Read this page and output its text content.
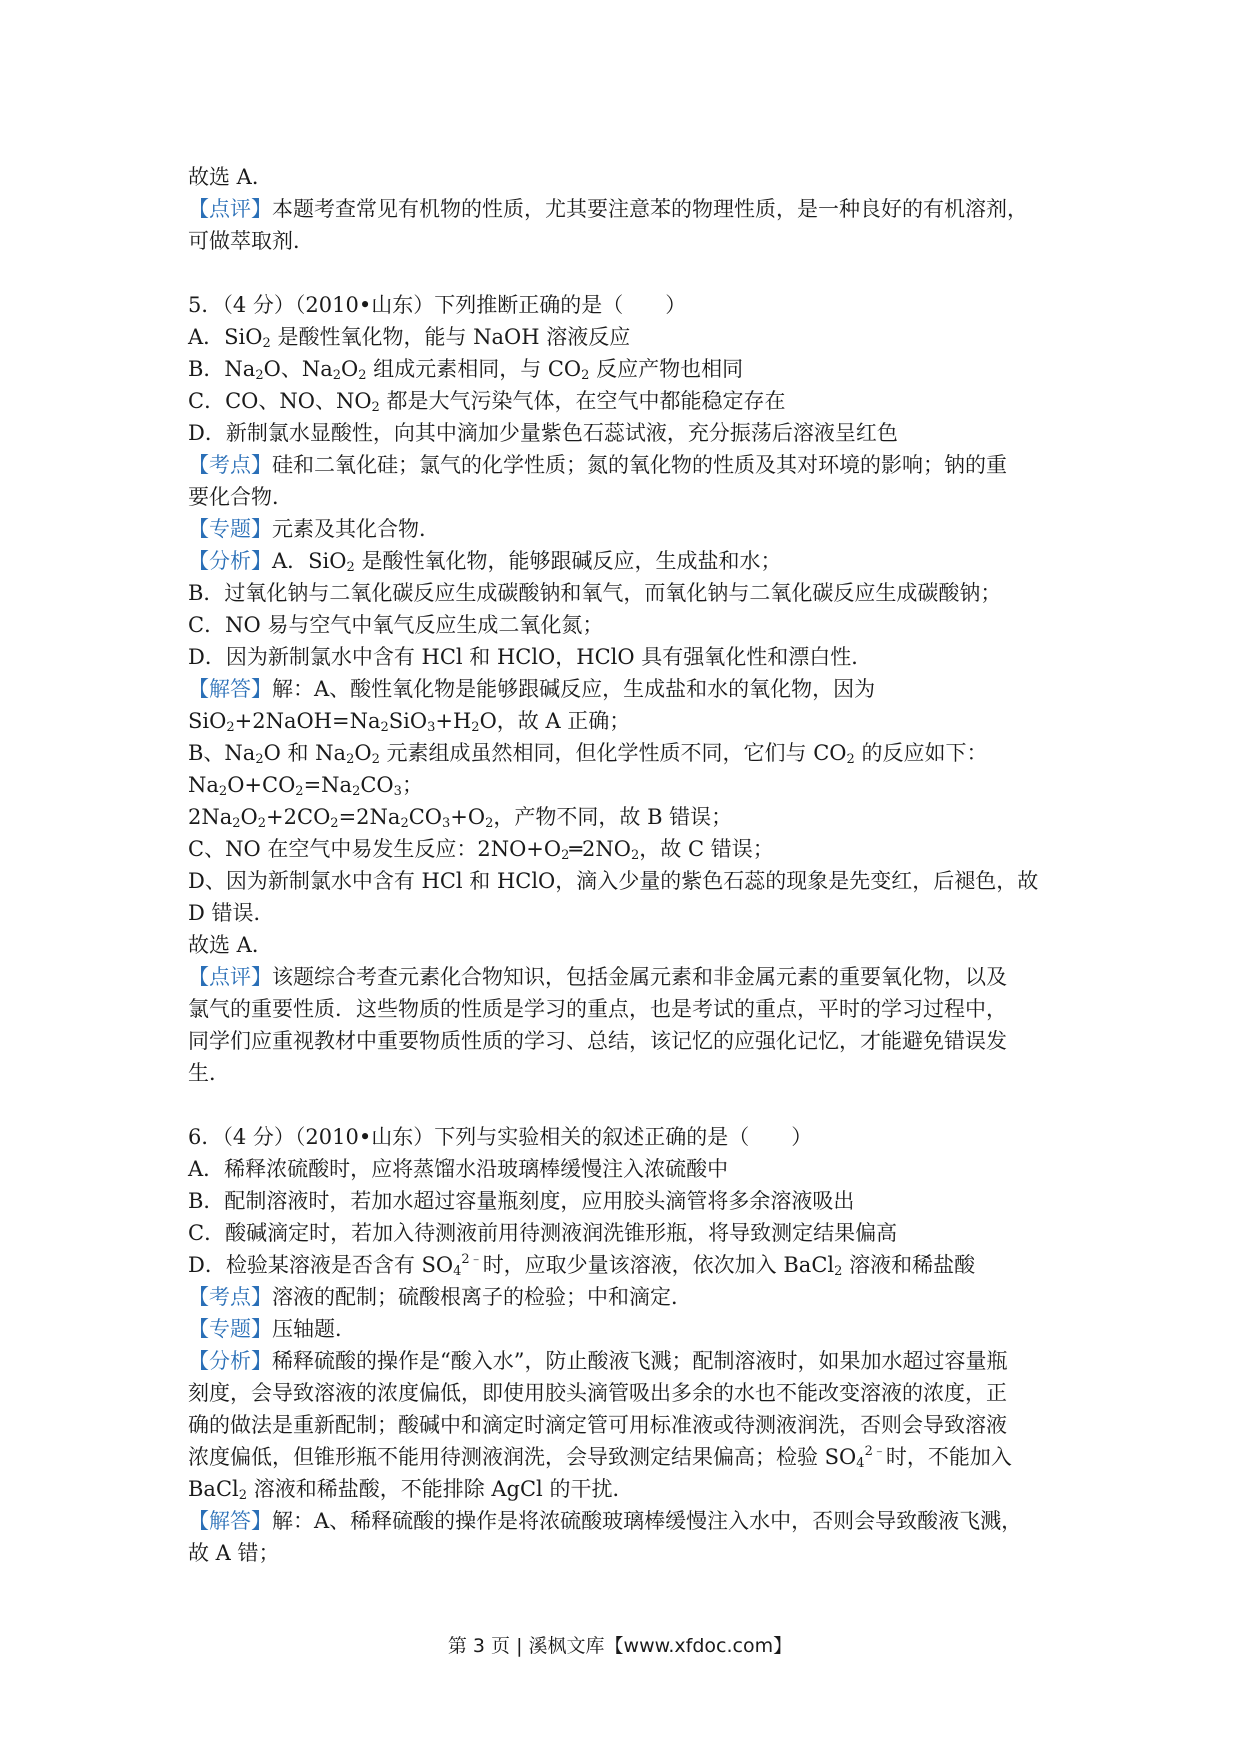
故选 A．
【点评】本题考查常见有机物的性质，尤其要注意苯的物理性质，是一种良好的有机溶剂，
可做萃取剂．
5．（4 分）（2010•山东）下列推断正确的是（　　）
A．SiO$_2$ 是酸性氧化物，能与 NaOH 溶液反应
B．$Na_2O$、$Na_2O_2$ 组成元素相同，与 $CO_2$ 反应产物也相同
C．CO、NO、$NO_2$ 都是大气污染气体，在空气中都能稳定存在
D．新制氯水显酸性，向其中滴加少量紫色石蕊试液，充分振荡后溶液呈红色
【考点】硅和二氧化硅；氯气的化学性质；氮的氧化物的性质及其对环境的影响；钠的重
要化合物．
【专题】元素及其化合物．
【分析】A．SiO$_2$ 是酸性氧化物，能够跟碱反应，生成盐和水；
B．过氧化钠与二氧化碳反应生成碳酸钠和氧气，而氧化钠与二氧化碳反应生成碳酸钠；
C．NO 易与空气中氧气反应生成二氧化氮；
D．因为新制氯水中含有 HCl 和 HClO，HClO 具有强氧化性和漂白性．
【解答】解：A、酸性氧化物是能够跟碱反应，生成盐和水的氧化物，因为
$SiO_2+2NaOH=Na_2SiO_3+H_2O$，故 A 正确；
B、$Na_2O$ 和 $Na_2O_2$ 元素组成虽然相同，但化学性质不同，它们与 $CO_2$ 的反应如下：
$Na_2O+CO_2=Na_2CO_3$；
$2Na_2O_2+2CO_2=2Na_2CO_3+O_2$，产物不同，故 B 错误；
C、NO 在空气中易发生反应：$2NO+O_2═2NO_2$，故 C 错误；
D、因为新制氯水中含有 HCl 和 HClO，滴入少量的紫色石蕊的现象是先变红，后褪色，故
D 错误．
故选 A．
【点评】该题综合考查元素化合物知识，包括金属元素和非金属元素的重要氧化物，以及
氯气的重要性质．这些物质的性质是学习的重点，也是考试的重点，平时的学习过程中，
同学们应重视教材中重要物质性质的学习、总结，该记忆的应强化记忆，才能避免错误发
生．
6．（4 分）（2010•山东）下列与实验相关的叙述正确的是（　　）
A．稀释浓硫酸时，应将蒸馏水沿玻璃棒缓慢注入浓硫酸中
B．配制溶液时，若加水超过容量瓶刻度，应用胶头滴管将多余溶液吸出
C．酸碱滴定时，若加入待测液前用待测液润洗锥形瓶，将导致测定结果偏高
D．检验某溶液是否含有 $SO_4^{2﹣}$时，应取少量该溶液，依次加入 BaCl$_2$ 溶液和稀盐酸
【考点】溶液的配制；硫酸根离子的检验；中和滴定．
【专题】压轴题．
【分析】稀释硫酸的操作是“酸入水”，防止酸液飞溅；配制溶液时，如果加水超过容量瓶
刻度，会导致溶液的浓度偏低，即使用胶头滴管吸出多余的水也不能改变溶液的浓度，正
确的做法是重新配制；酸碱中和滴定时滴定管可用标准液或待测液润洗，否则会导致溶液
浓度偏低，但锥形瓶不能用待测液润洗，会导致测定结果偏高；检验 $SO_4^{2﹣}$时，不能加入
BaCl$_2$ 溶液和稀盐酸，不能排除 AgCl 的干扰．
【解答】解：A、稀释硫酸的操作是将浓硫酸玻璃棒缓慢注入水中，否则会导致酸液飞溅，
故 A 错；
第 3 页 | 溪枫文库【www.xfdoc.com】
